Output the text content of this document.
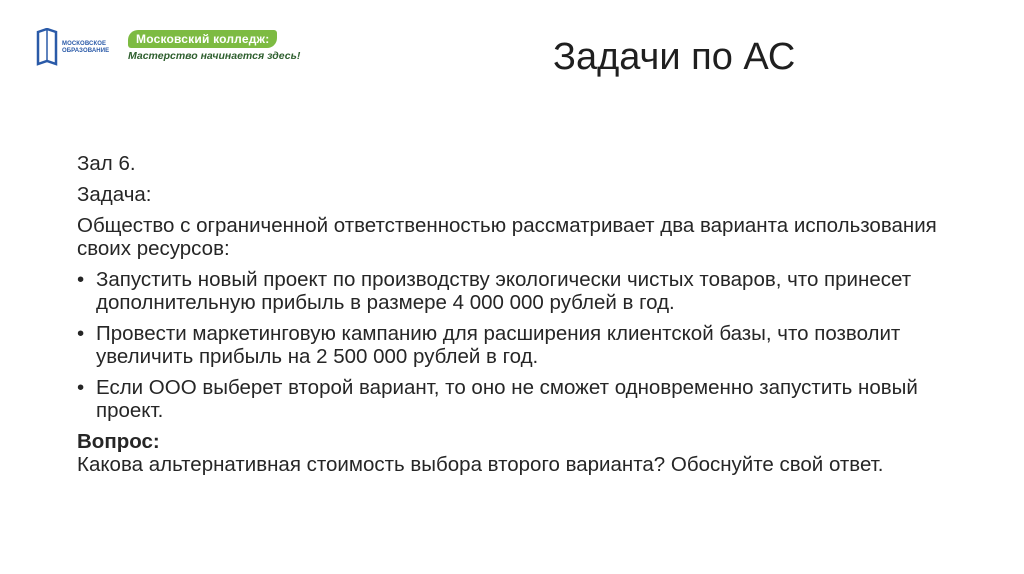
МОСКОВСКОЕ ОБРАЗОВАНИЕ
Московский колледж:
Мастерство начинается здесь!	Задачи по АС

Зал 6.

Задача:

Общество с ограниченной ответственностью рассматривает два варианта использования своих ресурсов:

• Запустить новый проект по производству экологически чистых товаров, что принесет дополнительную прибыль в размере 4 000 000 рублей в год.
• Провести маркетинговую кампанию для расширения клиентской базы, что позволит увеличить прибыль на 2 500 000 рублей в год.
• Если ООО выберет второй вариант, то оно не сможет одновременно запустить новый проект.
Вопрос:
Какова альтернативная стоимость выбора второго варианта? Обоснуйте свой ответ.
